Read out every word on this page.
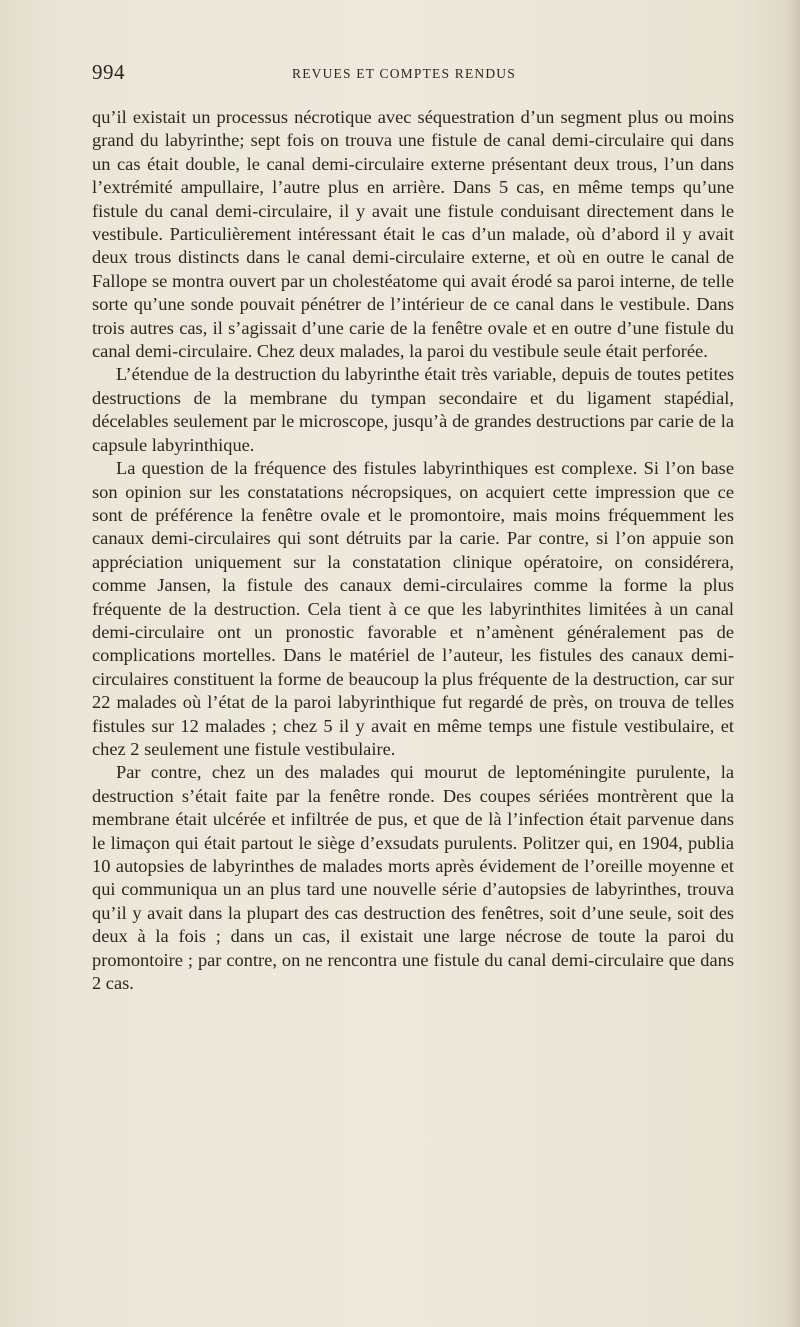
994	REVUES ET COMPTES RENDUS

qu’il existait un processus nécrotique avec séquestration d’un segment plus ou moins grand du labyrinthe; sept fois on trouva une fistule de canal demi-circulaire qui dans un cas était double, le canal demi-circulaire externe présentant deux trous, l’un dans l’extrémité ampullaire, l’autre plus en arrière. Dans 5 cas, en même temps qu’une fistule du canal demi-circulaire, il y avait une fistule conduisant directement dans le vestibule. Particulièrement intéressant était le cas d’un malade, où d’abord il y avait deux trous distincts dans le canal demi-circulaire externe, et où en outre le canal de Fallope se montra ouvert par un cholestéatome qui avait érodé sa paroi interne, de telle sorte qu’une sonde pouvait pénétrer de l’intérieur de ce canal dans le vestibule. Dans trois autres cas, il s’agissait d’une carie de la fenêtre ovale et en outre d’une fistule du canal demi-circulaire. Chez deux malades, la paroi du vestibule seule était perforée.

L’étendue de la destruction du labyrinthe était très variable, depuis de toutes petites destructions de la membrane du tympan secondaire et du ligament stapédial, décelables seulement par le microscope, jusqu’à de grandes destructions par carie de la capsule labyrinthique.

La question de la fréquence des fistules labyrinthiques est complexe. Si l’on base son opinion sur les constatations nécropsiques, on acquiert cette impression que ce sont de préférence la fenêtre ovale et le promontoire, mais moins fréquemment les canaux demi-circulaires qui sont détruits par la carie. Par contre, si l’on appuie son appréciation uniquement sur la constatation clinique opératoire, on considérera, comme Jansen, la fistule des canaux demi-circulaires comme la forme la plus fréquente de la destruction. Cela tient à ce que les labyrinthites limitées à un canal demi-circulaire ont un pronostic favorable et n’amènent généralement pas de complications mortelles. Dans le matériel de l’auteur, les fistules des canaux demi-circulaires constituent la forme de beaucoup la plus fréquente de la destruction, car sur 22 malades où l’état de la paroi labyrinthique fut regardé de près, on trouva de telles fistules sur 12 malades ; chez 5 il y avait en même temps une fistule vestibulaire, et chez 2 seulement une fistule vestibulaire.

Par contre, chez un des malades qui mourut de leptoméningite purulente, la destruction s’était faite par la fenêtre ronde. Des coupes sériées montrèrent que la membrane était ulcérée et infiltrée de pus, et que de là l’infection était parvenue dans le limaçon qui était partout le siège d’exsudats purulents. Politzer qui, en 1904, publia 10 autopsies de labyrinthes de malades morts après évidement de l’oreille moyenne et qui communiqua un an plus tard une nouvelle série d’autopsies de labyrinthes, trouva qu’il y avait dans la plupart des cas destruction des fenêtres, soit d’une seule, soit des deux à la fois ; dans un cas, il existait une large nécrose de toute la paroi du promontoire ; par contre, on ne rencontra une fistule du canal demi-circulaire que dans 2 cas.
